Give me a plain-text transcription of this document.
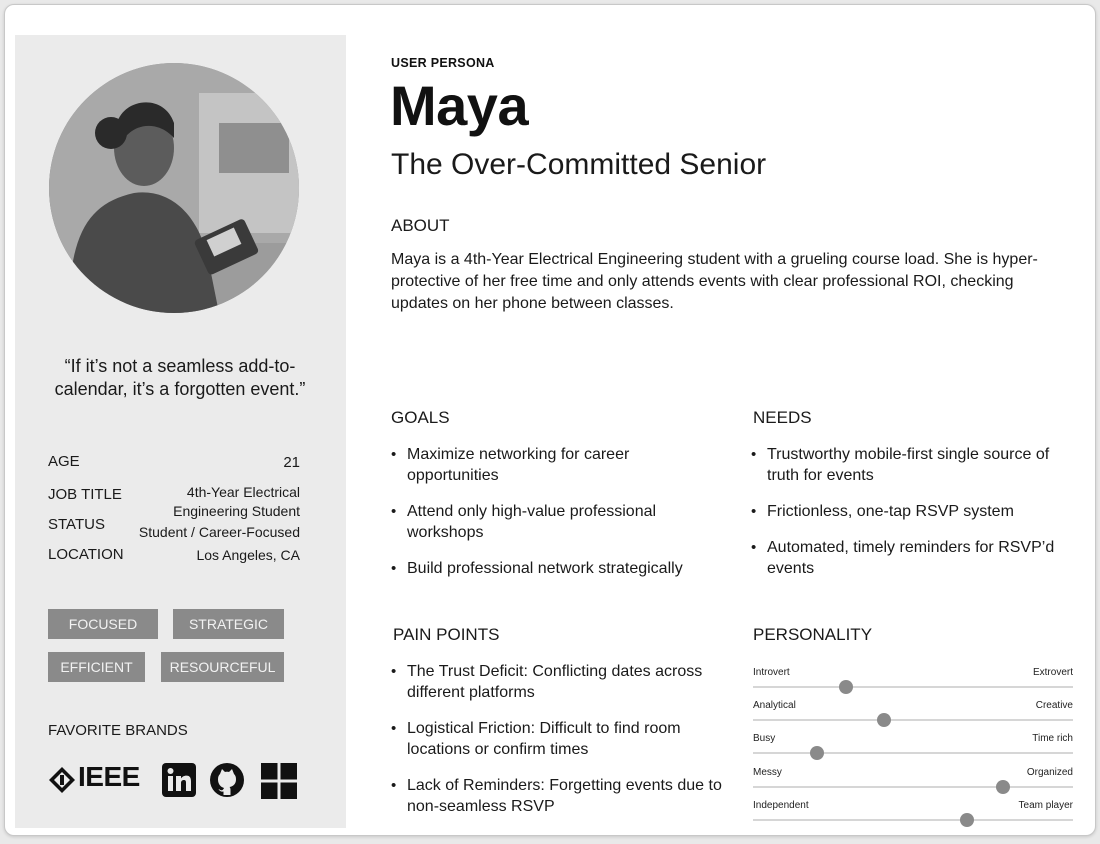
“If it’s not a seamless add-to-calendar, it’s a forgotten event.”
AGE	21
JOB TITLE	4th-Year Electrical
Engineering Student
STATUS Student / Career-Focused
LOCATION	Los Angeles, CA
FOCUSED	STRATEGIC
EFFICIENT	RESOURCEFUL
FAVORITE BRANDS
IEEE
USER PERSONA
Maya
The Over-Committed Senior
ABOUT
Maya is a 4th-Year Electrical Engineering student with a grueling course load. She is hyper-protective of her free time and only attends events with clear professional ROI, checking updates on her phone between classes.
GOALS
• Maximize networking for career opportunities
• Attend only high-value professional workshops
• Build professional network strategically
NEEDS
• Trustworthy mobile-first single source of truth for events
• Frictionless, one-tap RSVP system
• Automated, timely reminders for RSVP’d events
PAIN POINTS
• The Trust Deficit: Conflicting dates across different platforms
• Logistical Friction: Difficult to find room locations or confirm times
• Lack of Reminders: Forgetting events due to non-seamless RSVP
PERSONALITY
Introvert	Extrovert
Analytical	Creative
Busy	Time rich
Messy	Organized
Independent	Team player
